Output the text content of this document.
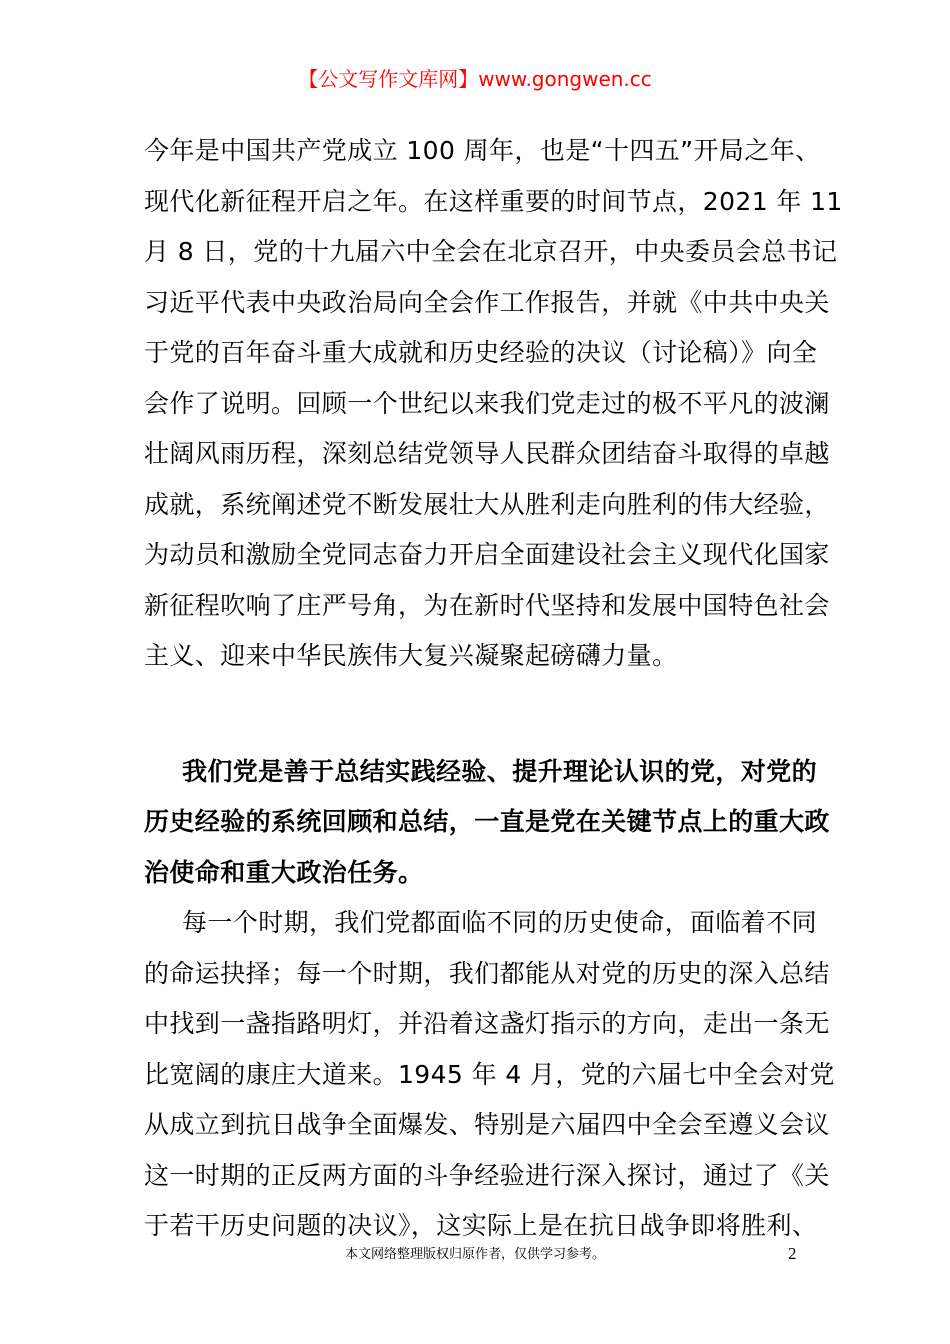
【公文写作文库网】www.gongwen.cc
今年是中国共产党成立 100 周年，也是“十四五”开局之年、
现代化新征程开启之年。在这样重要的时间节点，2021 年 11
月 8 日，党的十九届六中全会在北京召开，中央委员会总书记
习近平代表中央政治局向全会作工作报告，并就《中共中央关
于党的百年奋斗重大成就和历史经验的决议（讨论稿）》向全
会作了说明。回顾一个世纪以来我们党走过的极不平凡的波澜
壮阔风雨历程，深刻总结党领导人民群众团结奋斗取得的卓越
成就，系统阐述党不断发展壮大从胜利走向胜利的伟大经验，
为动员和激励全党同志奋力开启全面建设社会主义现代化国家
新征程吹响了庄严号角，为在新时代坚持和发展中国特色社会
主义、迎来中华民族伟大复兴凝聚起磅礴力量。
我们党是善于总结实践经验、提升理论认识的党，对党的
历史经验的系统回顾和总结，一直是党在关键节点上的重大政
治使命和重大政治任务。
每一个时期，我们党都面临不同的历史使命，面临着不同
的命运抉择；每一个时期，我们都能从对党的历史的深入总结
中找到一盏指路明灯，并沿着这盏灯指示的方向，走出一条无
比宽阔的康庄大道来。1945 年 4 月，党的六届七中全会对党
从成立到抗日战争全面爆发、特别是六届四中全会至遵义会议
这一时期的正反两方面的斗争经验进行深入探讨，通过了《关
于若干历史问题的决议》，这实际上是在抗日战争即将胜利、
本文网络整理版权归原作者，仅供学习参考。	2
